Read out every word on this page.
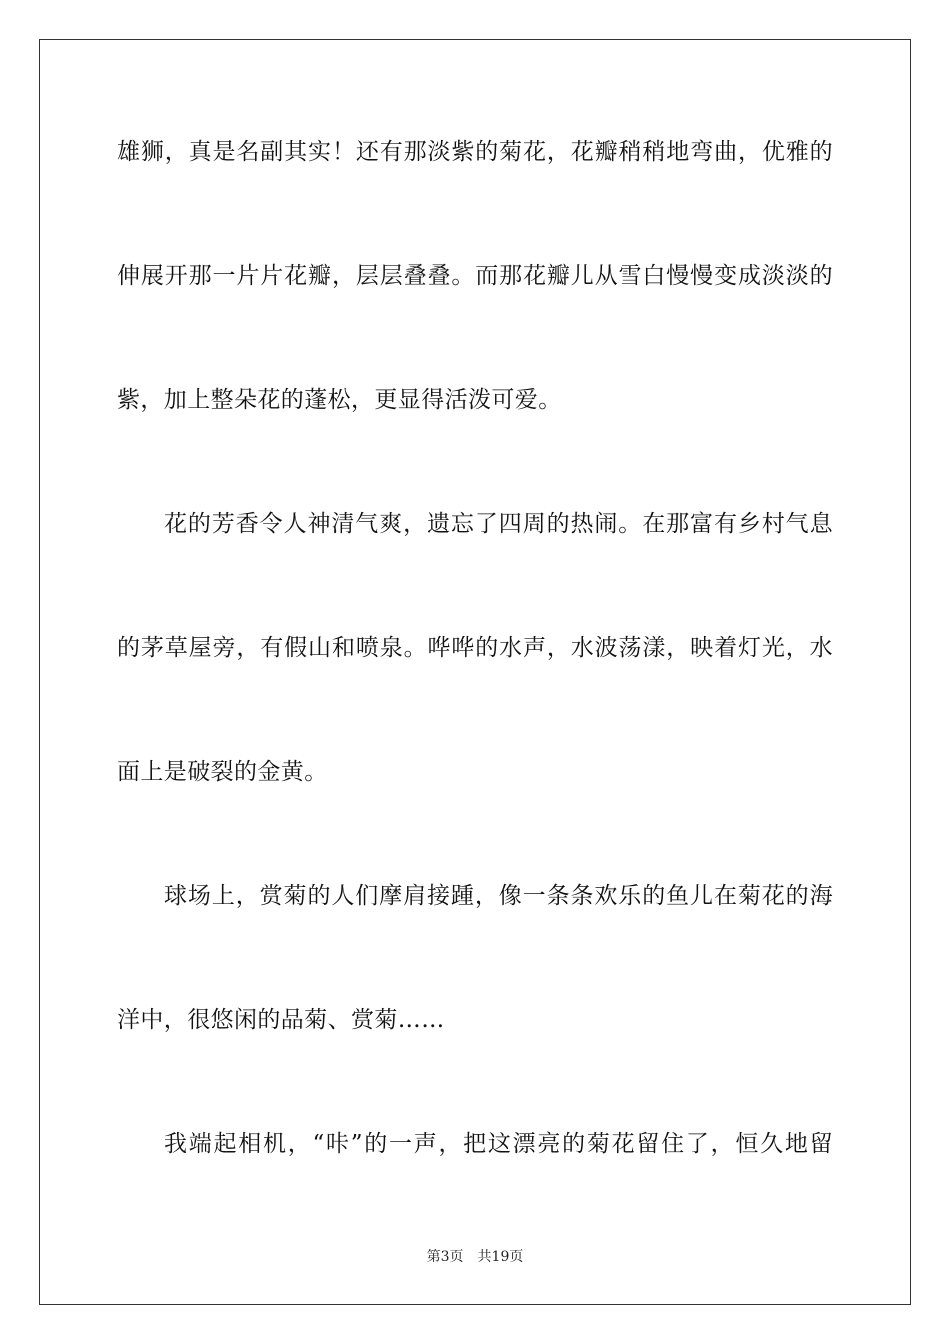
雄狮，真是名副其实！还有那淡紫的菊花，花瓣稍稍地弯曲，优雅的
伸展开那一片片花瓣，层层叠叠。而那花瓣儿从雪白慢慢变成淡淡的
紫，加上整朵花的蓬松，更显得活泼可爱。
花的芳香令人神清气爽，遗忘了四周的热闹。在那富有乡村气息
的茅草屋旁，有假山和喷泉。哗哗的水声，水波荡漾，映着灯光，水
面上是破裂的金黄。
球场上，赏菊的人们摩肩接踵，像一条条欢乐的鱼儿在菊花的海
洋中，很悠闲的品菊、赏菊……
我端起相机，“咔”的一声，把这漂亮的菊花留住了，恒久地留
第3页 共19页
